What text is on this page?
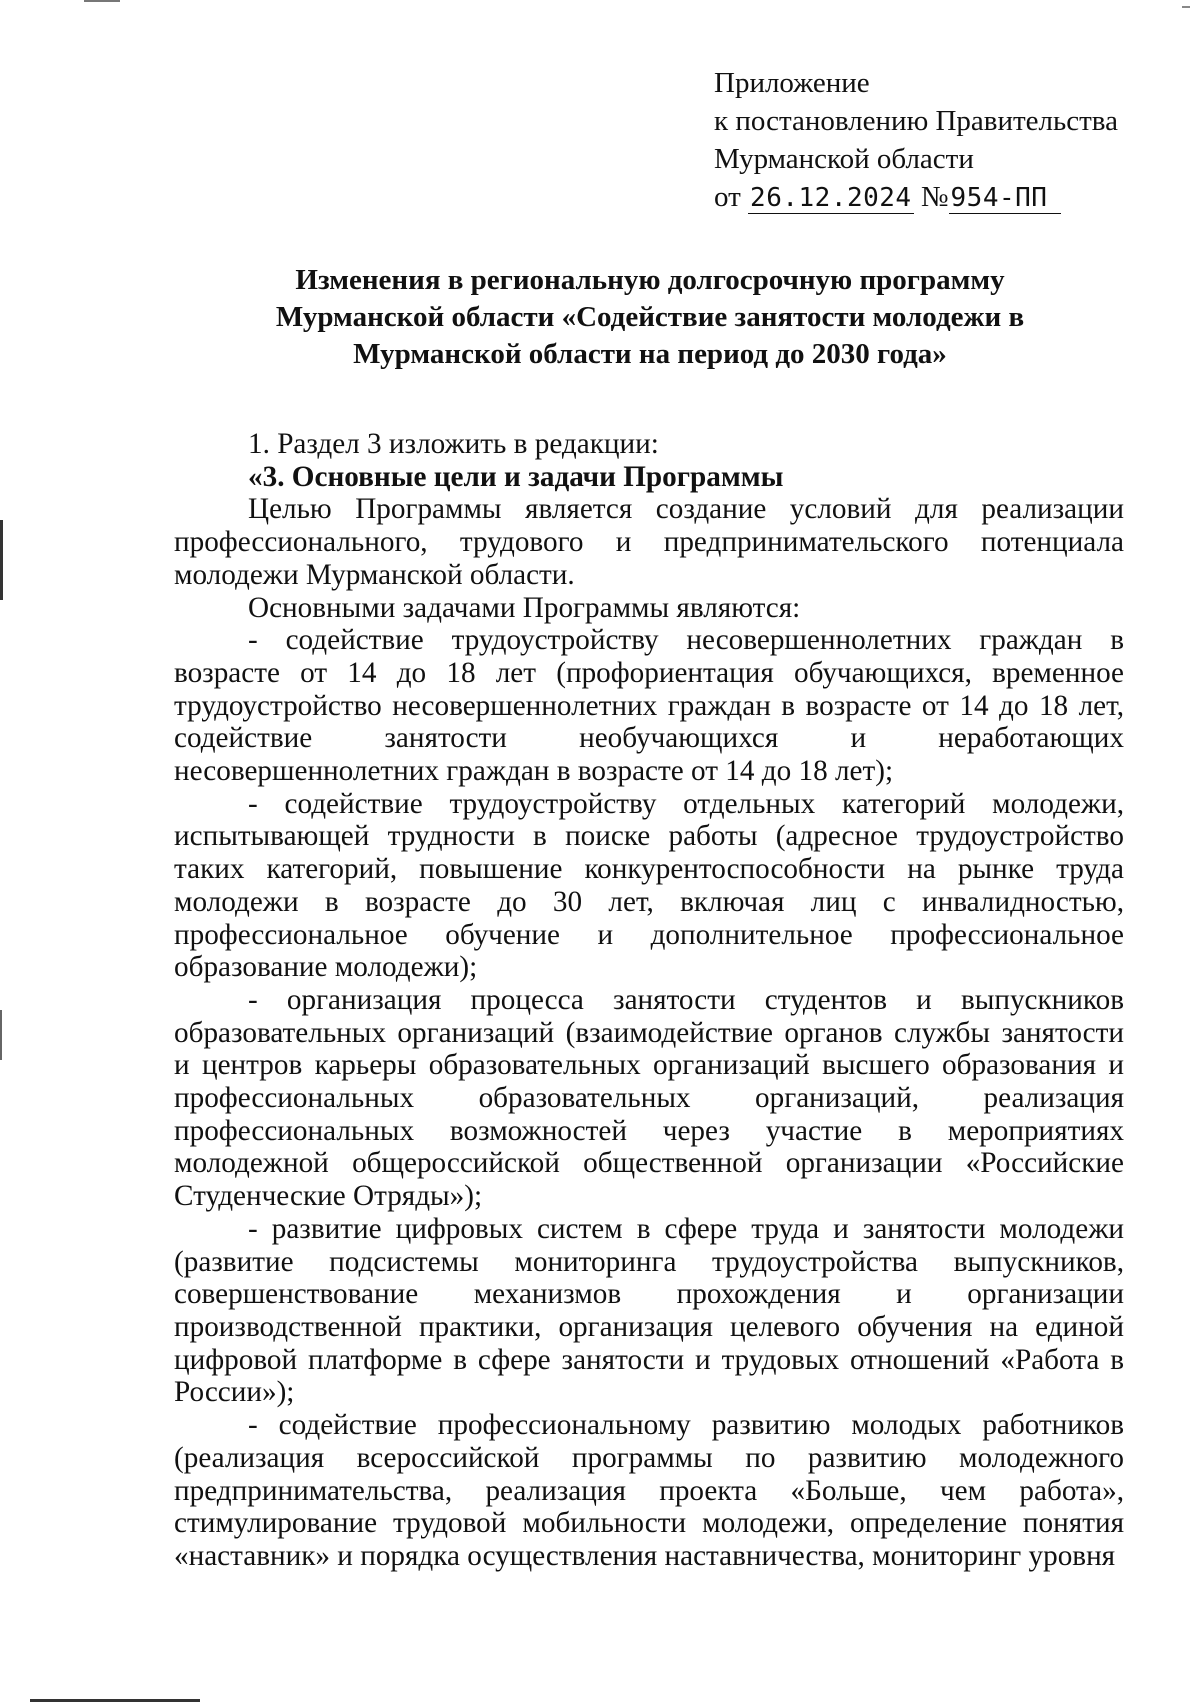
Приложение
к постановлению Правительства
Мурманской области
от 26.12.2024 №954-ПП
Изменения в региональную долгосрочную программу
Мурманской области «Содействие занятости молодежи в
Мурманской области на период до 2030 года»

1. Раздел 3 изложить в редакции:

«3. Основные цели и задачи Программы

Целью Программы является создание условий для реализации профессионального, трудового и предпринимательского потенциала молодежи Мурманской области.

Основными задачами Программы являются:

- содействие трудоустройству несовершеннолетних граждан в возрасте от 14 до 18 лет (профориентация обучающихся, временное трудоустройство несовершеннолетних граждан в возрасте от 14 до 18 лет, содействие занятости необучающихся и неработающих несовершеннолетних граждан в возрасте от 14 до 18 лет);

- содействие трудоустройству отдельных категорий молодежи, испытывающей трудности в поиске работы (адресное трудоустройство таких категорий, повышение конкурентоспособности на рынке труда молодежи в возрасте до 30 лет, включая лиц с инвалидностью, профессиональное обучение и дополнительное профессиональное образование молодежи);

- организация процесса занятости студентов и выпускников образовательных организаций (взаимодействие органов службы занятости и центров карьеры образовательных организаций высшего образования и профессиональных образовательных организаций, реализация профессиональных возможностей через участие в мероприятиях молодежной общероссийской общественной организации «Российские Студенческие Отряды»);

- развитие цифровых систем в сфере труда и занятости молодежи (развитие подсистемы мониторинга трудоустройства выпускников, совершенствование механизмов прохождения и организации производственной практики, организация целевого обучения на единой цифровой платформе в сфере занятости и трудовых отношений «Работа в России»);

- содействие профессиональному развитию молодых работников (реализация всероссийской программы по развитию молодежного предпринимательства, реализация проекта «Больше, чем работа», стимулирование трудовой мобильности молодежи, определение понятия «наставник» и порядка осуществления наставничества, мониторинг уровня
